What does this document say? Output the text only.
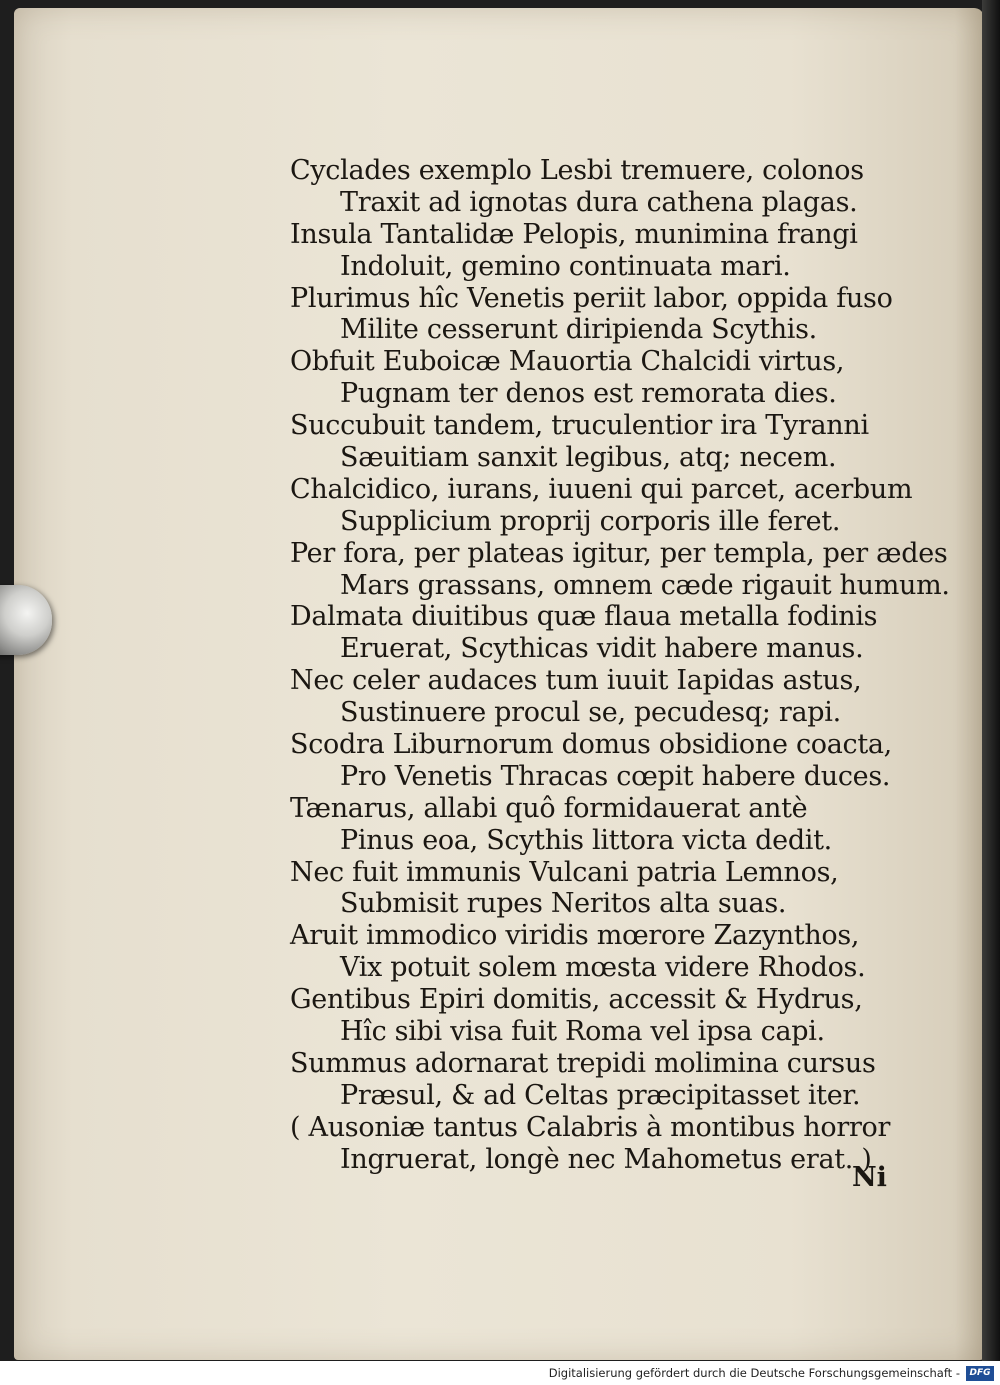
Cyclades exemplo Lesbi tremuere, colonos
Traxit ad ignotas dura cathena plagas.
Insula Tantalidæ Pelopis, munimina frangi
Indoluit, gemino continuata mari.
Plurimus hîc Venetis periit labor, oppida fuso
Milite cesserunt diripienda Scythis.
Obfuit Euboicæ Mauortia Chalcidi virtus,
Pugnam ter denos est remorata dies.
Succubuit tandem, truculentior ira Tyranni
Sæuitiam sanxit legibus, atq; necem.
Chalcidico, iurans, iuueni qui parcet, acerbum
Supplicium proprij corporis ille feret.
Per fora, per plateas igitur, per templa, per ædes
Mars grassans, omnem cæde rigauit humum.
Dalmata diuitibus quæ flaua metalla fodinis
Eruerat, Scythicas vidit habere manus.
Nec celer audaces tum iuuit Iapidas astus,
Sustinuere procul se, pecudesq; rapi.
Scodra Liburnorum domus obsidione coacta,
Pro Venetis Thracas cœpit habere duces.
Tænarus, allabi quô formidauerat antè
Pinus eoa, Scythis littora victa dedit.
Nec fuit immunis Vulcani patria Lemnos,
Submisit rupes Neritos alta suas.
Aruit immodico viridis mœrore Zazynthos,
Vix potuit solem mœsta videre Rhodos.
Gentibus Epiri domitis, accessit & Hydrus,
Hîc sibi visa fuit Roma vel ipsa capi.
Summus adornarat trepidi molimina cursus
Præsul, & ad Celtas præcipitasset iter.
( Ausoniæ tantus Calabris à montibus horror
Ingruerat, longè nec Mahometus erat. )
Ni
Digitalisierung gefördert durch die Deutsche Forschungsgemeinschaft -	DFG
